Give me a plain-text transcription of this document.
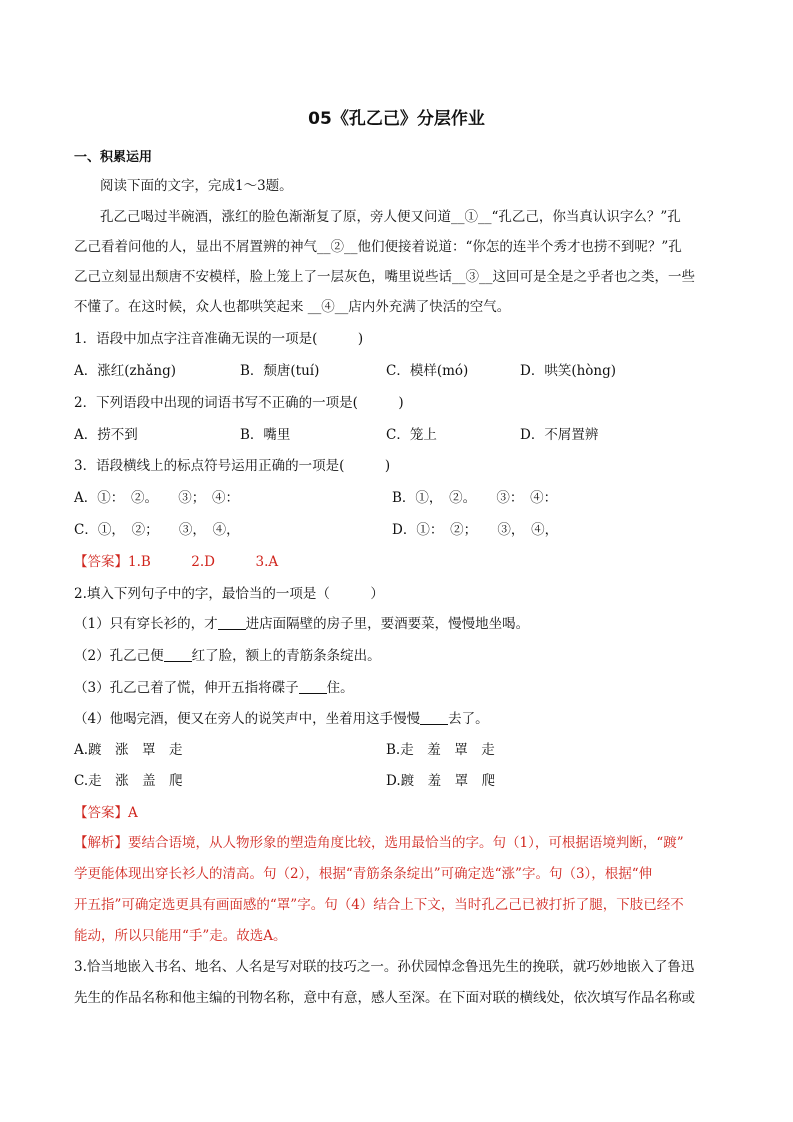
05《孔乙己》分层作业
一、积累运用
阅读下面的文字，完成1～3题。
孔乙己喝过半碗酒，涨红的脸色渐渐复了原，旁人便又问道__①__“孔乙己，你当真认识字么？”孔
乙己看着问他的人，显出不屑置辨的神气__②__他们便接着说道：“你怎的连半个秀才也捞不到呢？”孔
乙己立刻显出颓唐不安模样，脸上笼上了一层灰色，嘴里说些话__③__这回可是全是之乎者也之类，一些
不懂了。在这时候，众人也都哄笑起来 __④__店内外充满了快活的空气。
1．语段中加点字注音准确无误的一项是(　　　)
A．涨红(zhǎng)	B．颓唐(tuí)	C．模样(mó)	D．哄笑(hòng)
2．下列语段中出现的词语书写不正确的一项是(　　　)
A．捞不到	B．嘴里	C．笼上	D．不屑置辨
3．语段横线上的标点符号运用正确的一项是(　　　)
A．①：　②。　　③；　④：	B．①，　②。　　③：　④：
C．①，　②；　　③，　④，	D．①：　②；　　③，　④，
【答案】1.B　　　2.D　　　3.A
2.填入下列句子中的字，最恰当的一项是（　　　）
（1）只有穿长衫的，才 进店面隔壁的房子里，要酒要菜，慢慢地坐喝。
（2）孔乙己便 红了脸，额上的青筋条条绽出。
（3）孔乙己着了慌，伸开五指将碟子 住。
（4）他喝完酒，便又在旁人的说笑声中，坐着用这手慢慢 去了。
A.踱　涨　罩　走	B.走　羞　罩　走
C.走　涨　盖　爬	D.踱　羞　罩　爬
【答案】A
【解析】要结合语境，从人物形象的塑造角度比较，选用最恰当的字。句（1），可根据语境判断，“踱”
学更能体现出穿长衫人的清高。句（2），根据“青筋条条绽出”可确定选“涨”字。句（3），根据“伸
开五指”可确定选更具有画面感的“罩”字。句（4）结合上下文，当时孔乙己已被打折了腿，下肢已经不
能动，所以只能用“手”走。故选A。
3.恰当地嵌入书名、地名、人名是写对联的技巧之一。孙伏园悼念鲁迅先生的挽联，就巧妙地嵌入了鲁迅
先生的作品名称和他主编的刊物名称，意中有意，感人至深。在下面对联的横线处，依次填写作品名称或
